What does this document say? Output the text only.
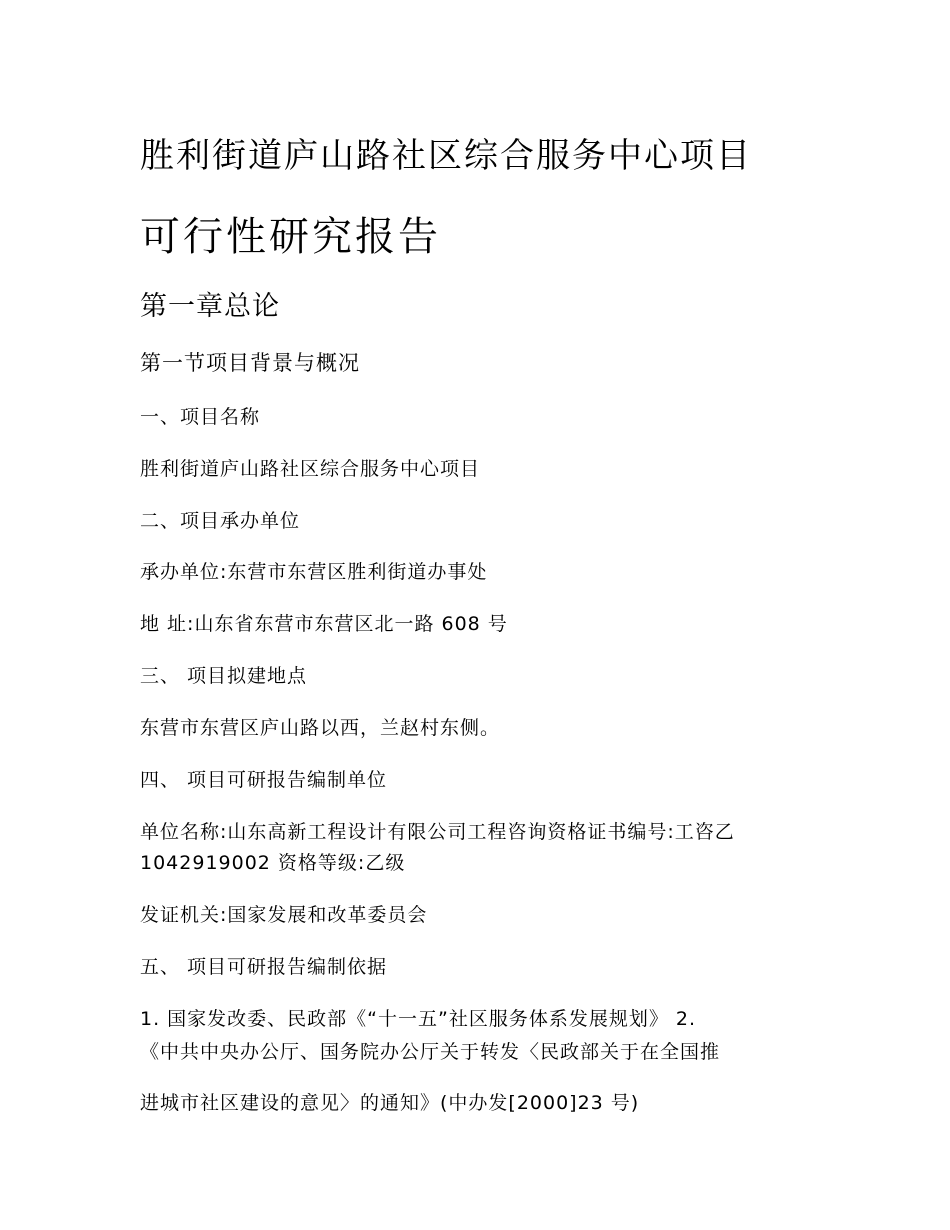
胜利街道庐山路社区综合服务中心项目
可行性研究报告
第一章总论
第一节项目背景与概况

一、项目名称

胜利街道庐山路社区综合服务中心项目

二、项目承办单位

承办单位:东营市东营区胜利街道办事处

地 址:山东省东营市东营区北一路 608 号

三、 项目拟建地点

东营市东营区庐山路以西，兰赵村东侧。

四、 项目可研报告编制单位

单位名称:山东高新工程设计有限公司工程咨询资格证书编号:工咨乙

1042919002 资格等级:乙级

发证机关:国家发展和改革委员会

五、 项目可研报告编制依据

1. 国家发改委、民政部《“十一五”社区服务体系发展规划》 2.

《中共中央办公厅、国务院办公厅关于转发〈民政部关于在全国推

进城市社区建设的意见〉的通知》(中办发[2000]23 号)
